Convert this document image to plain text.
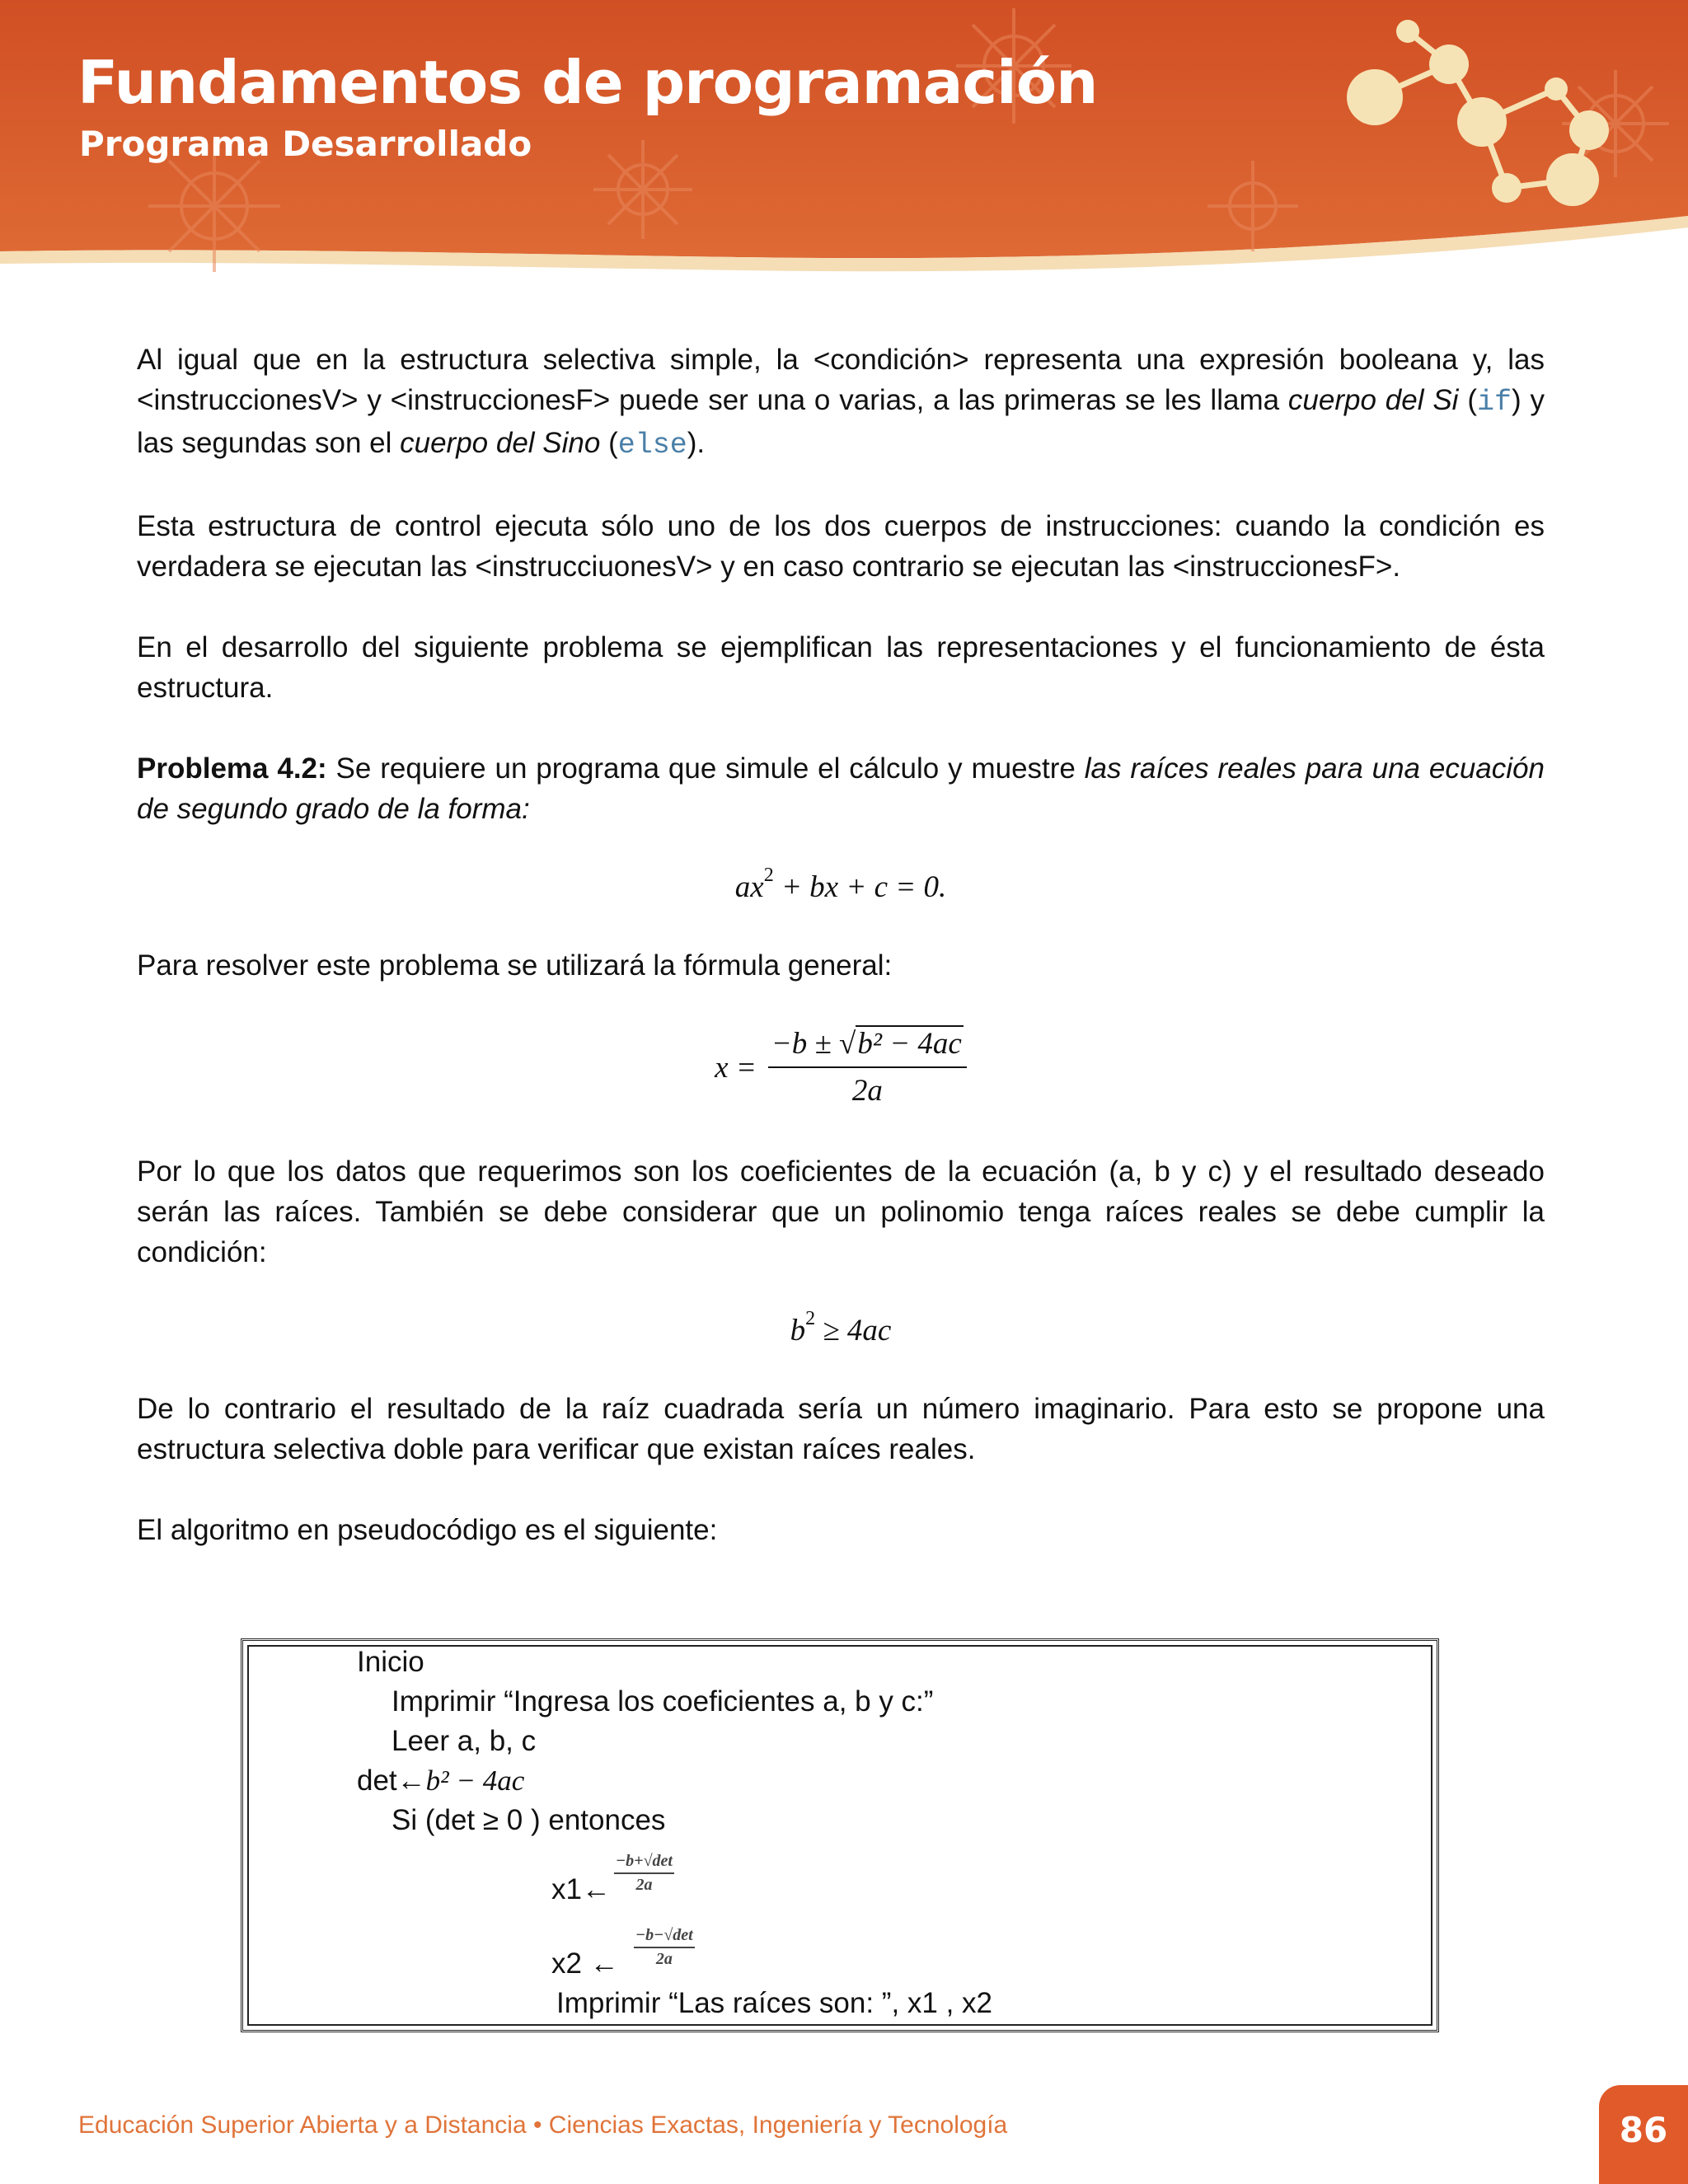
Fundamentos de programación
Programa Desarrollado

Al igual que en la estructura selectiva simple, la <condición> representa una expresión booleana y, las <instruccionesV> y <instruccionesF> puede ser una o varias, a las primeras se les llama cuerpo del Si (if) y las segundas son el cuerpo del Sino (else).

Esta estructura de control ejecuta sólo uno de los dos cuerpos de instrucciones: cuando la condición es verdadera se ejecutan las <instrucciuonesV> y en caso contrario se ejecutan las <instruccionesF>.

En el desarrollo del siguiente problema se ejemplifican las representaciones y el funcionamiento de ésta estructura.

Problema 4.2: Se requiere un programa que simule el cálculo y muestre las raíces reales para una ecuación de segundo grado de la forma:

$ax^2$ + bx + c = 0.

Para resolver este problema se utilizará la fórmula general:

$x = \frac{\text{−b ± √b² − 4ac}}{2a}$

Por lo que los datos que requerimos son los coeficientes de la ecuación (a, b y c) y el resultado deseado serán las raíces. También se debe considerar que un polinomio tenga raíces reales se debe cumplir la condición:

$b^2 \ge 4ac$

De lo contrario el resultado de la raíz cuadrada sería un número imaginario. Para esto se propone una estructura selectiva doble para verificar que existan raíces reales.

El algoritmo en pseudocódigo es el siguiente:

Inicio
Imprimir “Ingresa los coeficientes a, b y c:”
Leer a, b, c
det←b² − 4ac
Si (det ≥ 0 ) entonces
x1←
−b+√det
2a
x2 ←
−b−√det
2a
Imprimir “Las raíces son: ”, x1 , x2
Educación Superior Abierta y a Distancia • Ciencias Exactas, Ingeniería y Tecnología	86
